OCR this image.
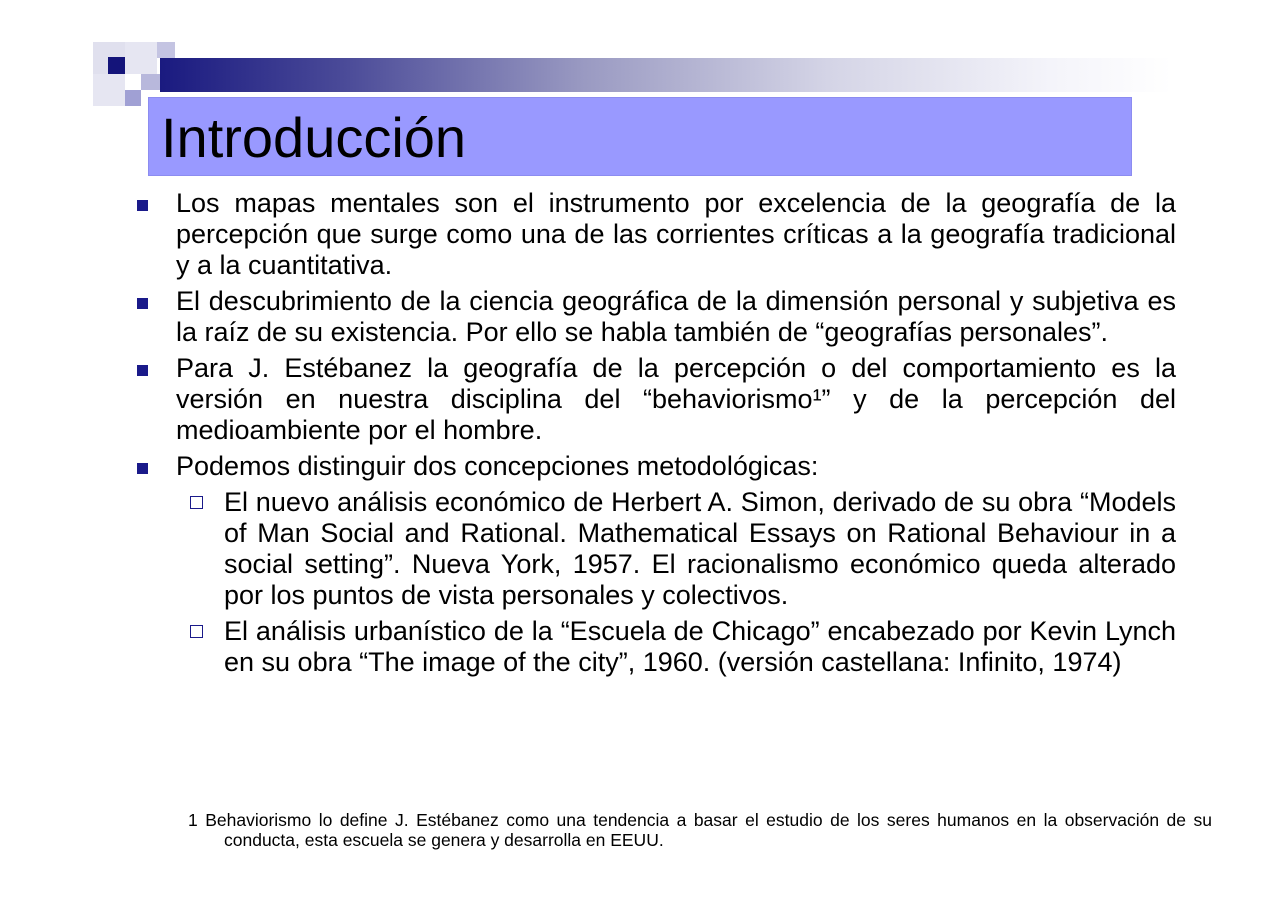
Introducción
Los mapas mentales son el instrumento por excelencia de la geografía de la percepción que surge como una de las corrientes críticas a la geografía tradicional y a la cuantitativa.
El descubrimiento de la ciencia geográfica de la dimensión personal y subjetiva es la raíz de su existencia. Por ello se habla también de “geografías personales”.
Para J. Estébanez la geografía de la percepción o del comportamiento es la versión en nuestra disciplina del “behaviorismo¹” y de la percepción del medioambiente por el hombre.
Podemos distinguir dos concepciones metodológicas:
El nuevo análisis económico de Herbert A. Simon, derivado de su obra “Models of Man Social and Rational. Mathematical Essays on Rational Behaviour in a social setting”. Nueva York, 1957. El racionalismo económico queda alterado por los puntos de vista personales y colectivos.
El análisis urbanístico de la “Escuela de Chicago” encabezado por Kevin Lynch en su obra “The image of the city”, 1960. (versión castellana: Infinito, 1974)
1 Behaviorismo lo define J. Estébanez como una tendencia a basar el estudio de los seres humanos en la observación de su conducta, esta escuela se genera y desarrolla en EEUU.
